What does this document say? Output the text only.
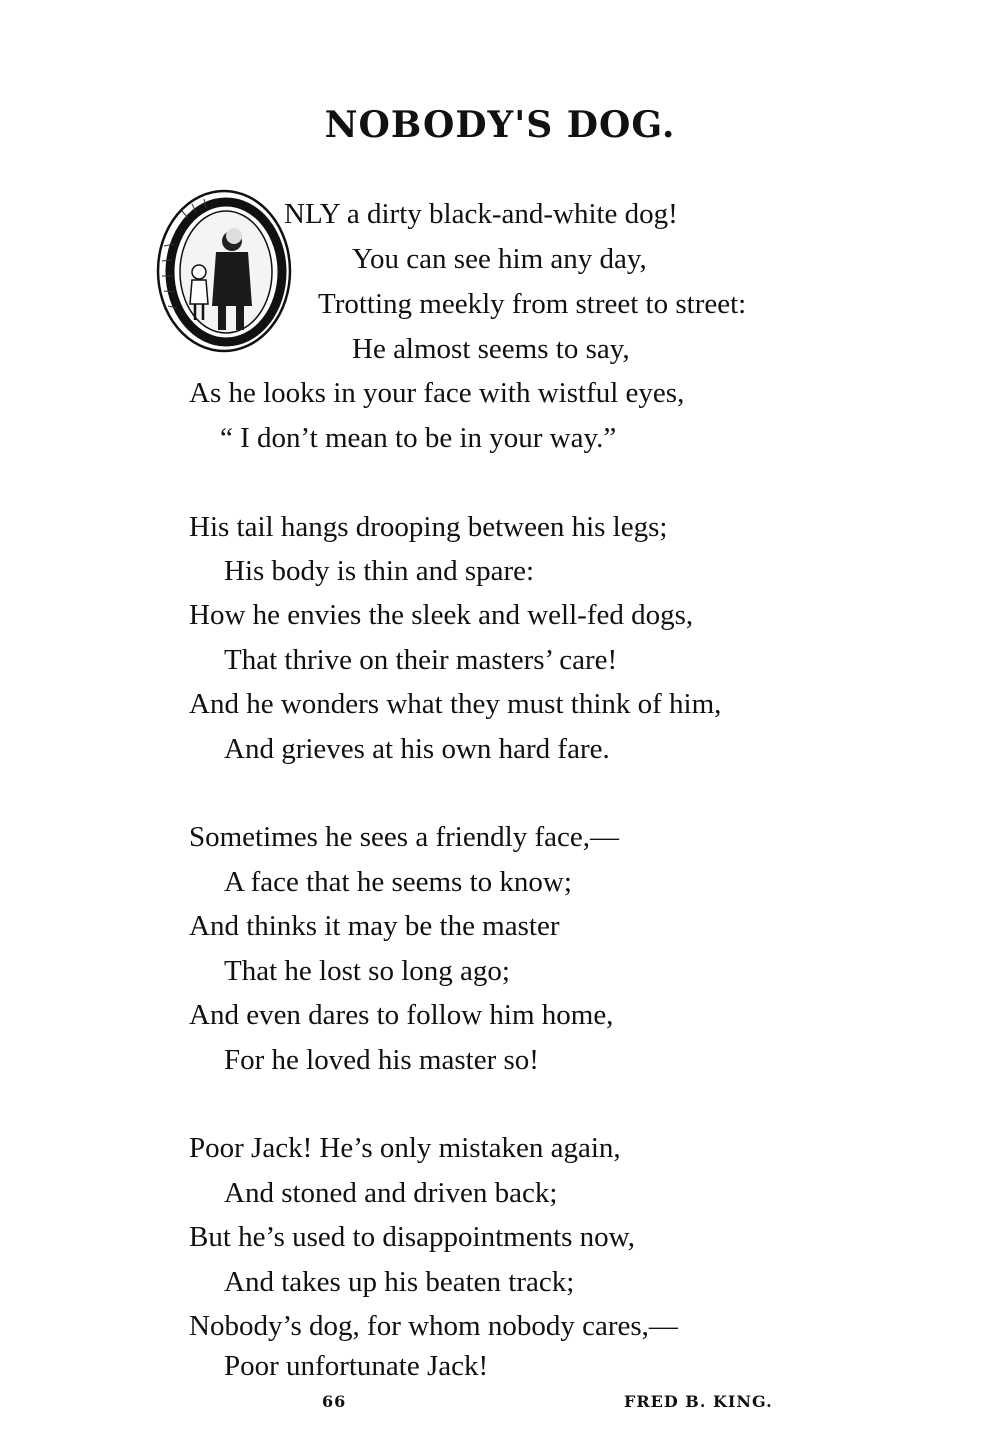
NOBODY'S DOG.
NLY a dirty black-and-white dog!
You can see him any day,
Trotting meekly from street to street:
He almost seems to say,
As he looks in your face with wistful eyes,
“ I don’t mean to be in your way.”
His tail hangs drooping between his legs;
His body is thin and spare:
How he envies the sleek and well-fed dogs,
That thrive on their masters’ care!
And he wonders what they must think of him,
And grieves at his own hard fare.
Sometimes he sees a friendly face,—
A face that he seems to know;
And thinks it may be the master
That he lost so long ago;
And even dares to follow him home,
For he loved his master so!
Poor Jack! He’s only mistaken again,
And stoned and driven back;
But he’s used to disappointments now,
And takes up his beaten track;
Nobody’s dog, for whom nobody cares,—
Poor unfortunate Jack!
66	FRED B. KING.
